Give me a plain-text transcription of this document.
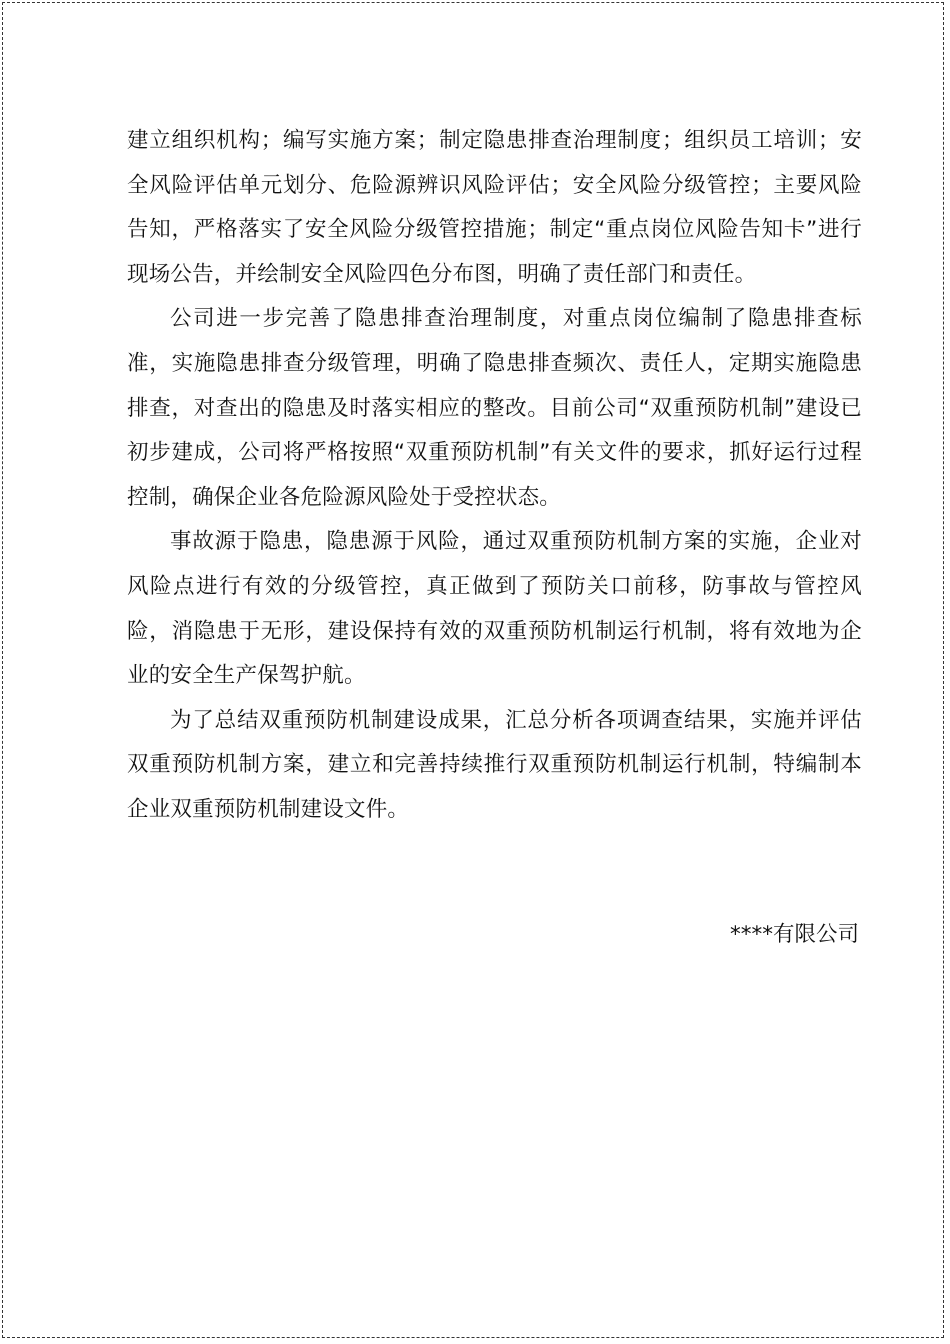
建立组织机构；编写实施方案；制定隐患排查治理制度；组织员工培训；安全风险评估单元划分、危险源辨识风险评估；安全风险分级管控；主要风险告知，严格落实了安全风险分级管控措施；制定“重点岗位风险告知卡”进行现场公告，并绘制安全风险四色分布图，明确了责任部门和责任。

公司进一步完善了隐患排查治理制度，对重点岗位编制了隐患排查标准，实施隐患排查分级管理，明确了隐患排查频次、责任人，定期实施隐患排查，对查出的隐患及时落实相应的整改。目前公司“双重预防机制”建设已初步建成，公司将严格按照“双重预防机制”有关文件的要求，抓好运行过程控制，确保企业各危险源风险处于受控状态。

事故源于隐患，隐患源于风险，通过双重预防机制方案的实施，企业对风险点进行有效的分级管控，真正做到了预防关口前移，防事故与管控风险，消隐患于无形，建设保持有效的双重预防机制运行机制，将有效地为企业的安全生产保驾护航。

为了总结双重预防机制建设成果，汇总分析各项调查结果，实施并评估双重预防机制方案，建立和完善持续推行双重预防机制运行机制，特编制本企业双重预防机制建设文件。

****有限公司
